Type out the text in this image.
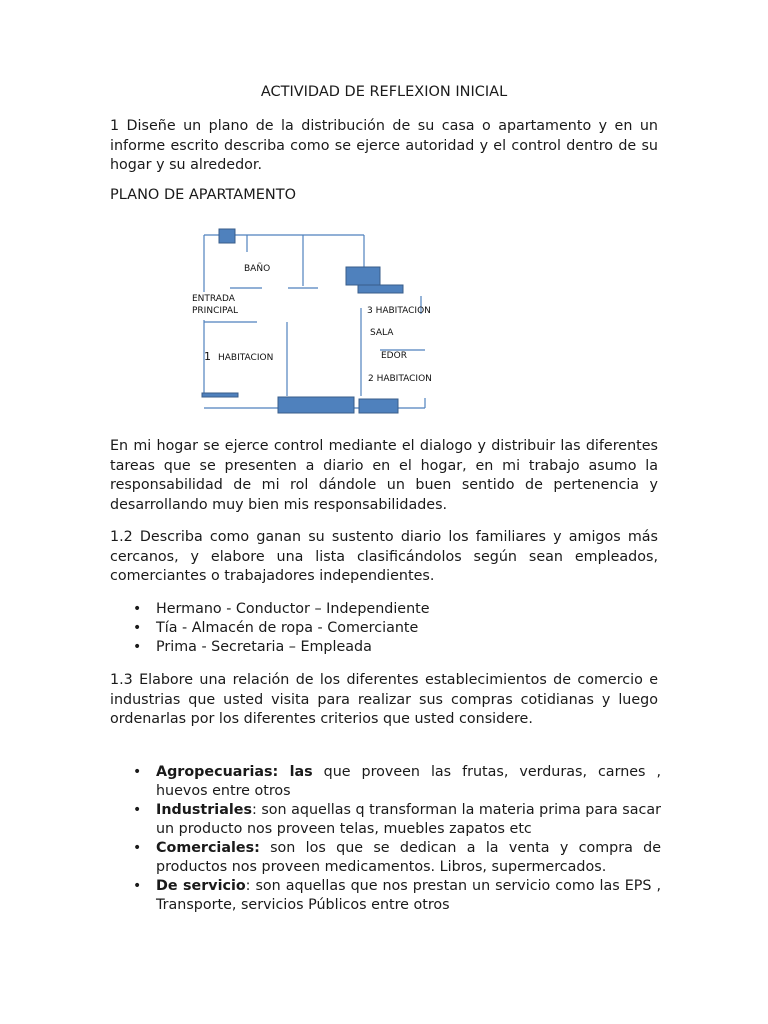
ACTIVIDAD DE REFLEXION INICIAL
1 Diseñe un plano de la distribución de su casa o apartamento y en un informe escrito describa como se ejerce autoridad y el control dentro de su hogar y su alrededor.
PLANO DE APARTAMENTO
BAÑO
ENTRADA
PRINCIPAL	3 HABITACION
SALA
1 HABITACION	EDOR
2 HABITACION
En mi hogar se ejerce control mediante el dialogo y distribuir las diferentes tareas que se presenten a diario en el hogar, en mi trabajo asumo la responsabilidad de mi rol dándole un buen sentido de pertenencia y desarrollando muy bien mis responsabilidades.
1.2 Describa como ganan su sustento diario los familiares y amigos más cercanos, y elabore una lista clasificándolos según sean empleados, comerciantes o trabajadores independientes.
• Hermano - Conductor – Independiente
• Tía - Almacén de ropa - Comerciante
• Prima - Secretaria – Empleada
1.3 Elabore una relación de los diferentes establecimientos de comercio e industrias que usted visita para realizar sus compras cotidianas y luego ordenarlas por los diferentes criterios que usted considere.
• Agropecuarias: las que proveen las frutas, verduras, carnes , huevos entre otros
• Industriales: son aquellas q transforman la materia prima para sacar un producto nos proveen telas, muebles zapatos etc
• Comerciales: son los que se dedican a la venta y compra de productos nos proveen medicamentos. Libros, supermercados.
• De servicio: son aquellas que nos prestan un servicio como las EPS , Transporte, servicios Públicos entre otros
